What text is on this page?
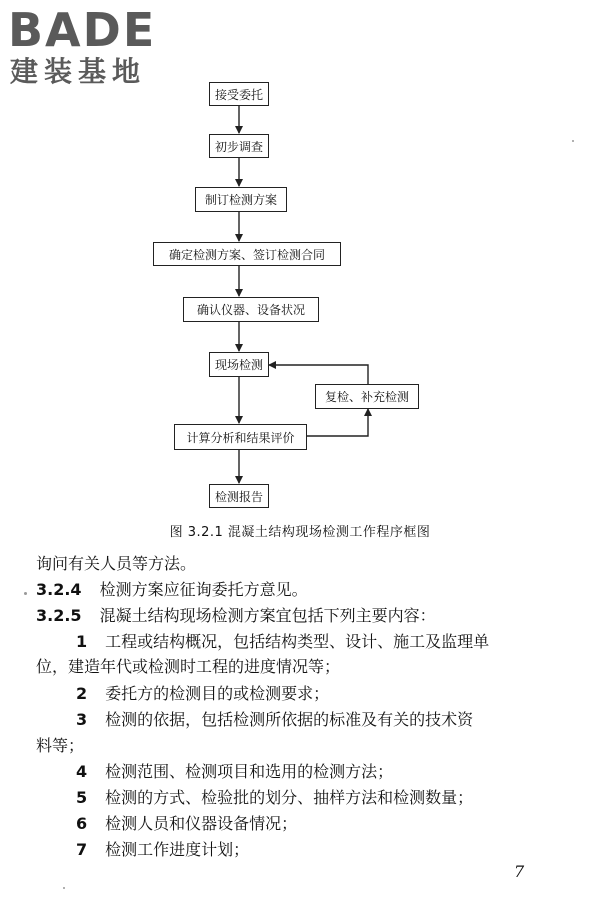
BADE
建装基地
接受委托
初步调查
制订检测方案
确定检测方案、签订检测合同
确认仪器、设备状况
现场检测
复检、补充检测
计算分析和结果评价
检测报告
图 3.2.1 混凝土结构现场检测工作程序框图
询问有关人员等方法。
3.2.4 检测方案应征询委托方意见。
3.2.5 混凝土结构现场检测方案宜包括下列主要内容：
1 工程或结构概况，包括结构类型、设计、施工及监理单
位，建造年代或检测时工程的进度情况等；
2 委托方的检测目的或检测要求；
3 检测的依据，包括检测所依据的标准及有关的技术资
料等；
4 检测范围、检测项目和选用的检测方法；
5 检测的方式、检验批的划分、抽样方法和检测数量；
6 检测人员和仪器设备情况；
7 检测工作进度计划；
7
